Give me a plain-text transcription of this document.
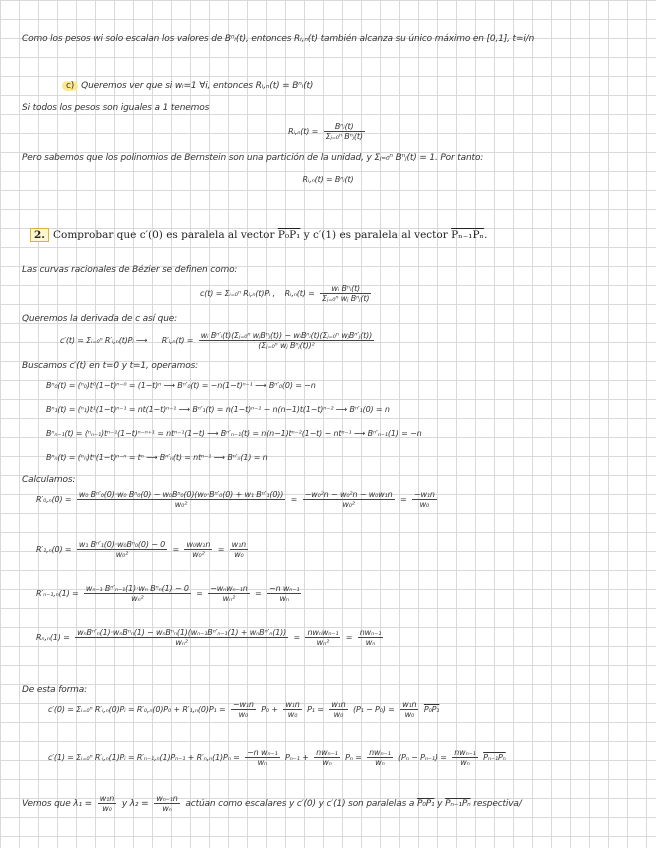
Como los pesos wi solo escalan los valores de Bⁿᵢ(t), entonces Rᵢ,ₙ(t) también alcanza su único máximo en [0,1], t=i/n
c) Queremos ver que si wᵢ=1 ∀i, entonces Rᵢ,ₙ(t) = Bⁿᵢ(t)
Si todos los pesos son iguales a 1 tenemos
Rᵢ,ₙ(t) = $\frac{\text{Bⁿᵢ(t)}}{\text{Σⱼ₌₀ⁿ Bⁿⱼ(t)}}$
Pero sabemos que los polinomios de Bernstein son una partición de la unidad, y Σⱼ₌₀ⁿ Bⁿⱼ(t) = 1. Por tanto:
Rᵢ,ₙ(t) = Bⁿᵢ(t)
2. Comprobar que c′(0) es paralela al vector P₀P₁ y c′(1) es paralela al vector Pₙ₋₁Pₙ.
Las curvas racionales de Bézier se definen como:
c(t) = Σᵢ₌₀ⁿ Rᵢ,ₙ(t)Pᵢ , Rᵢ,ₙ(t) = $\frac{\text{wᵢ Bⁿᵢ(t)}}{\text{Σⱼ₌₀ⁿ wⱼ Bⁿⱼ(t)}}$
Queremos la derivada de c así que:
c′(t) = Σᵢ₌₀ⁿ R′ᵢ,ₙ(t)Pᵢ ⟶ R′ᵢ,ₙ(t) = $\frac{\text{wᵢ Bⁿ′ᵢ(t)(Σⱼ₌₀ⁿ wⱼBⁿⱼ(t)) − wᵢBⁿᵢ(t)(Σⱼ₌₀ⁿ wⱼBⁿ′ⱼ(t))}}{\text{(Σⱼ₌₀ⁿ wⱼ Bⁿⱼ(t))²}}$
Buscamos c′(t) en t=0 y t=1, operamos:
Bⁿ₀(t) = (ⁿ₀)t⁰(1−t)ⁿ⁻⁰ = (1−t)ⁿ ⟶ Bⁿ′₀(t) = −n(1−t)ⁿ⁻¹ ⟶ Bⁿ′₀(0) = −n
Bⁿ₁(t) = (ⁿ₁)t¹(1−t)ⁿ⁻¹ = nt(1−t)ⁿ⁻¹ ⟶ Bⁿ′₁(t) = n(1−t)ⁿ⁻¹ − n(n−1)t(1−t)ⁿ⁻² ⟶ Bⁿ′₁(0) = n
Bⁿₙ₋₁(t) = (ⁿₙ₋₁)tⁿ⁻¹(1−t)ⁿ⁻ⁿ⁺¹ = ntⁿ⁻¹(1−t) ⟶ Bⁿ′ₙ₋₁(t) = n(n−1)tⁿ⁻²(1−t) − ntⁿ⁻¹ ⟶ Bⁿ′ₙ₋₁(1) = −n
Bⁿₙ(t) = (ⁿₙ)tⁿ(1−t)ⁿ⁻ⁿ = tⁿ ⟶ Bⁿ′ₙ(t) = ntⁿ⁻¹ ⟶ Bⁿ′ₙ(1) = n
Calculamos:
$R'_0,_n(0) = \frac{\text{w₀ Bⁿ′₀(0)·w₀ Bⁿ₀(0) − w₀Bⁿ₀(0)(w₀·Bⁿ′₀(0) + w₁ Bⁿ′₁(0))}}{\text{w₀²}} = \frac{\text{−w₀²n − w₀²n − w₀w₁n}}{\text{w₀²}} = \frac{\text{−w₁n}}{\text{w₀}}$
$R'_1,_n(0) = \frac{\text{w₁ Bⁿ′₁(0)·w₀Bⁿ₀(0) − 0}}{\text{w₀²}} = \frac{\text{w₀w₁n}}{\text{w₀²}} = \frac{\text{w₁n}}{\text{w₀}}$
$R'_{n-1},_n(1) = \frac{\text{wₙ₋₁ Bⁿ′ₙ₋₁(1)·wₙ Bⁿₙ(1) − 0}}{\text{wₙ²}} = \frac{\text{−wₙwₙ₋₁n}}{\text{wₙ²}} = \frac{\text{−n wₙ₋₁}}{\text{wₙ}}$
$R_n,_n(1) = \frac{\text{wₙBⁿ′ₙ(1)·wₙBⁿₙ(1) − wₙBⁿₙ(1)(wₙ₋₁Bⁿ′ₙ₋₁(1) + wₙBⁿ′ₙ(1))}}{\text{wₙ²}} = \frac{\text{nwₙwₙ₋₁}}{\text{wₙ²}} = \frac{\text{nwₙ₋₁}}{\text{wₙ}}$
De esta forma:
c′(0) = Σᵢ₌₀ⁿ R′ᵢ,ₙ(0)Pᵢ = $R'_0,_n(0)P_0 + R'_1,_n(0)P_1 = \frac{\text{−w₁n}}{\text{w₀}} P_0 + \frac{\text{w₁n}}{\text{w₀}} P_1 = \frac{\text{w₁n}}{\text{w₀}} (P_1 - P_0) = \frac{\text{w₁n}}{\text{w₀}} P_0P_1$
c′(1) = Σᵢ₌₀ⁿ R′ᵢ,ₙ(1)Pᵢ = $R'_{n-1},_n(1)P_{n-1} + R'_n,_n(1)P_n = \frac{\text{−n wₙ₋₁}}{\text{wₙ}} P_{n-1} + \frac{\text{nwₙ₋₁}}{\text{wₙ}}$ $P_n = \frac{\text{nwₙ₋₁}}{\text{wₙ}} (P_n - P_{n-1}) = \frac{\text{nwₙ₋₁}}{\text{wₙ}} P_{n-1}P_n$
Vemos que $\lambda_1 = \frac{\text{w₁n}}{\text{w₀}}$ y $\lambda_2 = \frac{\text{wₙ₋₁n}}{\text{wₙ}}$ actúan como escalares y c′(0) y c′(1) son paralelas a P₀P₁ y Pₙ₋₁Pₙ respectiva/
